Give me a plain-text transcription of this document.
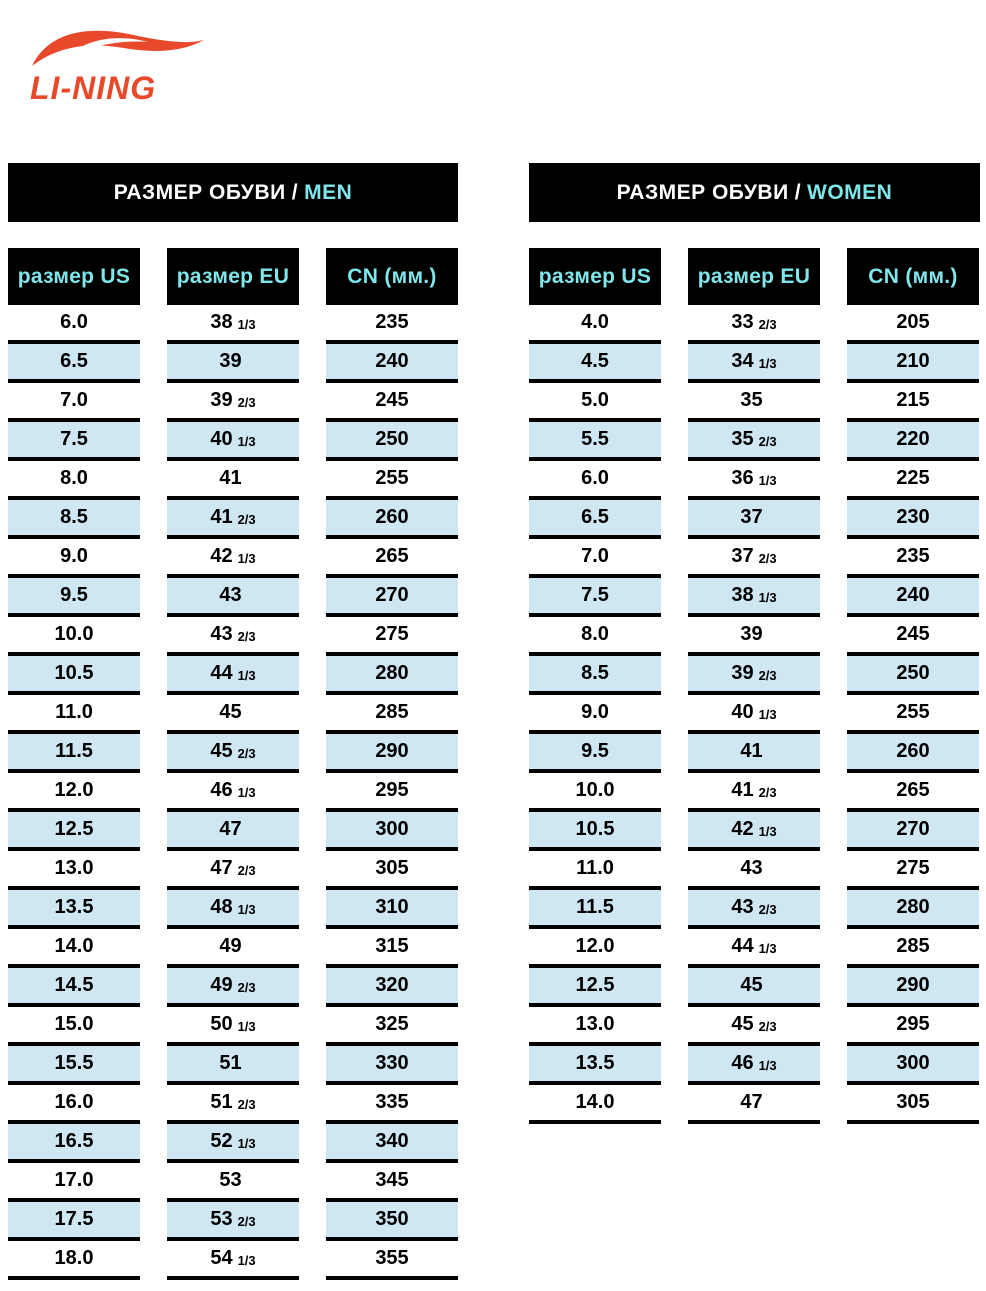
LI-NING
РАЗМЕР ОБУВИ / MEN	РАЗМЕР ОБУВИ / WOMEN
размер US
6.0
6.5
7.0
7.5
8.0
8.5
9.0
9.5
10.0
10.5
11.0
11.5
12.0
12.5
13.0
13.5
14.0
14.5
15.0
15.5
16.0
16.5
17.0
17.5
18.0
размер EU
38 1/3
39
39 2/3
40 1/3
41
41 2/3
42 1/3
43
43 2/3
44 1/3
45
45 2/3
46 1/3
47
47 2/3
48 1/3
49
49 2/3
50 1/3
51
51 2/3
52 1/3
53
53 2/3
54 1/3
CN (мм.)
235
240
245
250
255
260
265
270
275
280
285
290
295
300
305
310
315
320
325
330
335
340
345
350
355
размер US
4.0
4.5
5.0
5.5
6.0
6.5
7.0
7.5
8.0
8.5
9.0
9.5
10.0
10.5
11.0
11.5
12.0
12.5
13.0
13.5
14.0
размер EU
33 2/3
34 1/3
35
35 2/3
36 1/3
37
37 2/3
38 1/3
39
39 2/3
40 1/3
41
41 2/3
42 1/3
43
43 2/3
44 1/3
45
45 2/3
46 1/3
47
CN (мм.)
205
210
215
220
225
230
235
240
245
250
255
260
265
270
275
280
285
290
295
300
305
